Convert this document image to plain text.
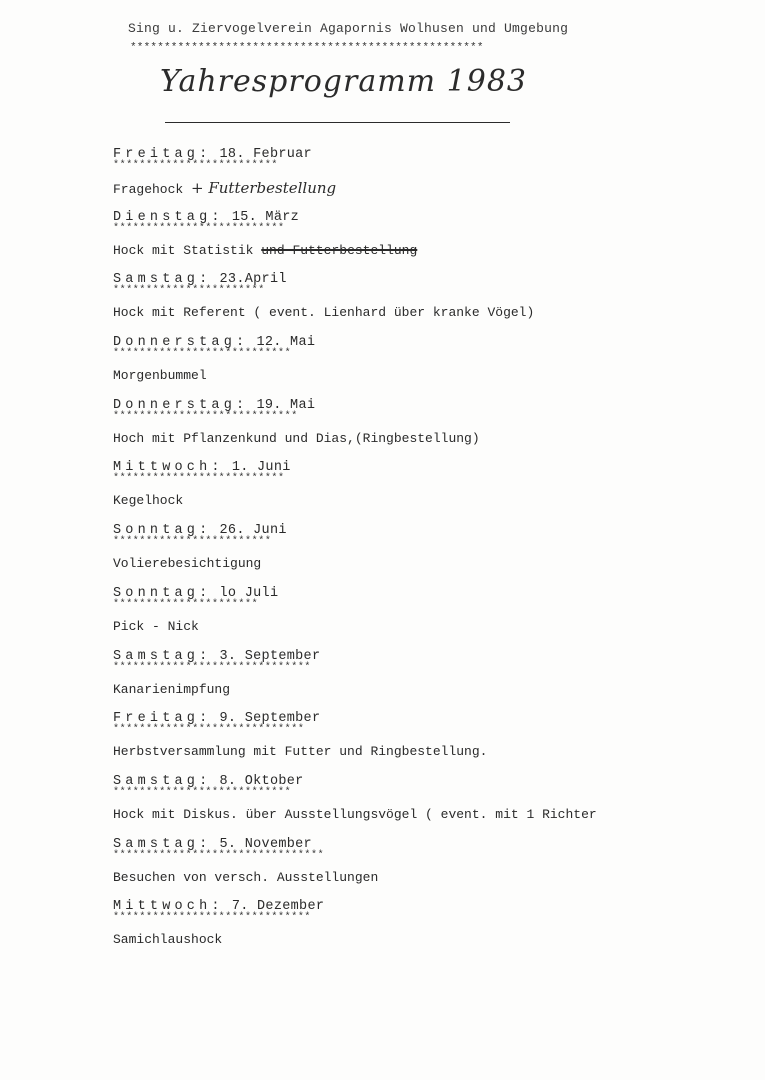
Sing u. Ziervogelverein Agapornis Wolhusen und Umgebung
****************************************************
Yahresprogramm 1983
Freitag: 18. Februar
*************************
Fragehock + Futterbestellung
Dienstag: 15. März
**************************
Hock mit Statistik und Futterbestellung
Samstag: 23.April
***********************
Hock mit Referent ( event. Lienhard über kranke Vögel)
Donnerstag: 12. Mai
***************************
Morgenbummel
Donnerstag: 19. Mai
****************************
Hoch mit Pflanzenkund und Dias,(Ringbestellung)
Mittwoch: 1. Juni
**************************
Kegelhock
Sonntag: 26. Juni
************************
Volierebesichtigung
Sonntag: lo Juli
**********************
Pick - Nick
Samstag: 3. September
******************************
Kanarienimpfung
Freitag: 9. September
*****************************
Herbstversammlung mit Futter und Ringbestellung.
Samstag: 8. Oktober
***************************
Hock mit Diskus. über Ausstellungsvögel ( event. mit 1 Richter
Samstag: 5. November
********************************
Besuchen von versch. Ausstellungen
Mittwoch: 7. Dezember
******************************
Samichlaushock
